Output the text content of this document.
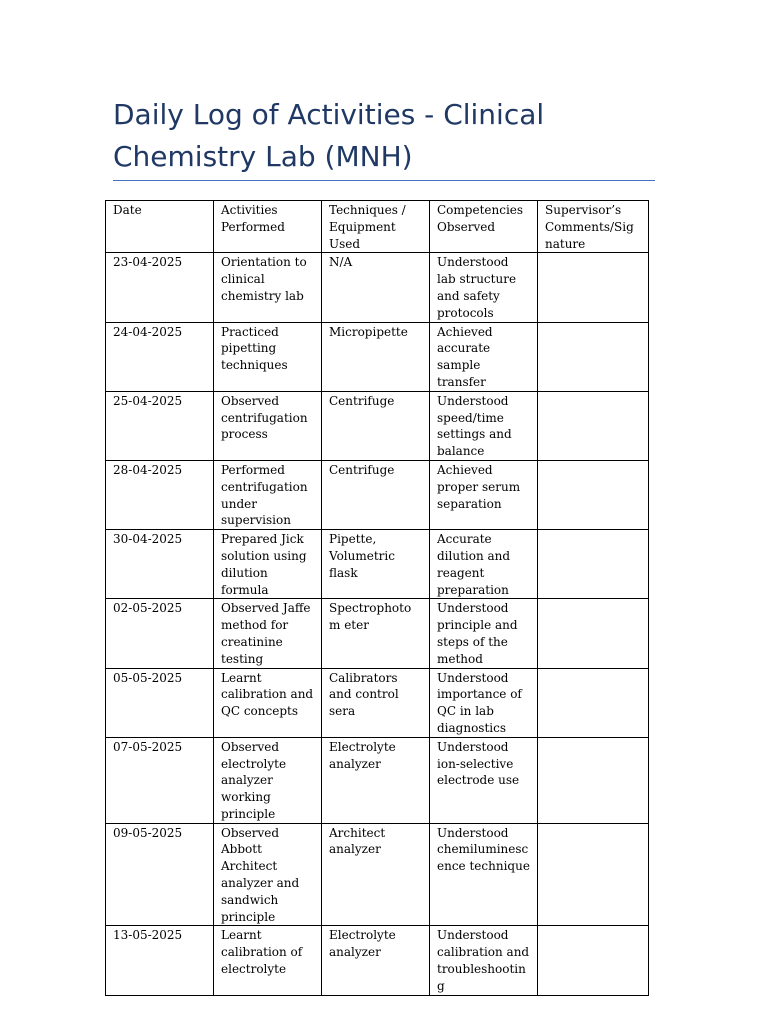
Daily Log of Activities - Clinical Chemistry Lab (MNH)
Date	Activities Performed	Techniques / Equipment Used	Competencies Observed	Supervisor’s Comments/Sig nature
23-04-2025	Orientation to clinical chemistry lab	N/A	Understood lab structure and safety protocols	
24-04-2025	Practiced pipetting techniques	Micropipette	Achieved accurate sample transfer	
25-04-2025	Observed centrifugation process	Centrifuge	Understood speed/time settings and balance	
28-04-2025	Performed centrifugation under supervision	Centrifuge	Achieved proper serum separation	
30-04-2025	Prepared Jick solution using dilution formula	Pipette, Volumetric flask	Accurate dilution and reagent preparation	
02-05-2025	Observed Jaffe method for creatinine testing	Spectrophotom eter	Understood principle and steps of the method	
05-05-2025	Learnt calibration and QC concepts	Calibrators and control sera	Understood importance of QC in lab diagnostics	
07-05-2025	Observed electrolyte analyzer working principle	Electrolyte analyzer	Understood ion-selective electrode use	
09-05-2025	Observed Abbott Architect analyzer and sandwich principle	Architect analyzer	Understood chemiluminesc ence technique	
13-05-2025	Learnt calibration of electrolyte	Electrolyte analyzer	Understood calibration and troubleshooting	
